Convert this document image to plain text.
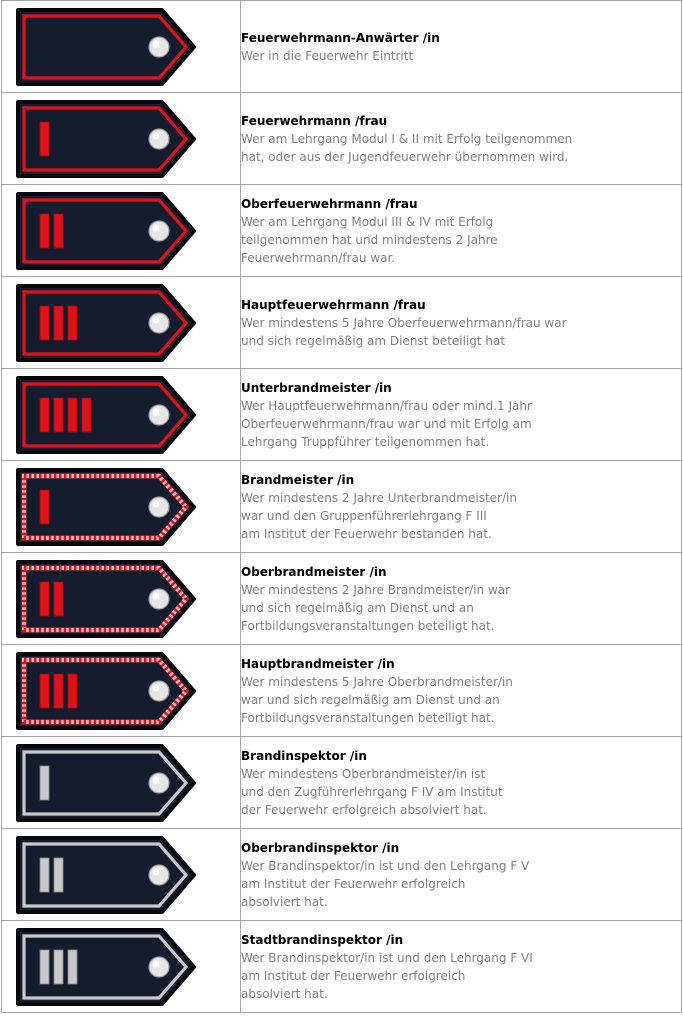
Feuerwehrmann-Anwärter /in
Wer in die Feuerwehr Eintritt

Feuerwehrmann /frau
Wer am Lehrgang Modul I & II mit Erfolg teilgenommen
hat, oder aus der Jugendfeuerwehr übernommen wird.

Oberfeuerwehrmann /frau
Wer am Lehrgang Modul III & IV mit Erfolg
teilgenommen hat und mindestens 2 Jahre
Feuerwehrmann/frau war.

Hauptfeuerwehrmann /frau
Wer mindestens 5 Jahre Oberfeuerwehrmann/frau war
und sich regelmäßig am Dienst beteiligt hat

Unterbrandmeister /in
Wer Hauptfeuerwehrmann/frau oder mind.1 Jahr
Oberfeuerwehrmann/frau war und mit Erfolg am
Lehrgang Truppführer teilgenommen hat.

Brandmeister /in
Wer mindestens 2 Jahre Unterbrandmeister/in
war und den Gruppenführerlehrgang F III
am Institut der Feuerwehr bestanden hat.

Oberbrandmeister /in
Wer mindestens 2 Jahre Brandmeister/in war
und sich regelmäßig am Dienst und an
Fortbildungsveranstaltungen beteiligt hat.

Hauptbrandmeister /in
Wer mindestens 5 Jahre Oberbrandmeister/in
war und sich regelmäßig am Dienst und an
Fortbildungsveranstaltungen beteiligt hat.

Brandinspektor /in
Wer mindestens Oberbrandmeister/in ist
und den Zugführerlehrgang F IV am Institut
der Feuerwehr erfolgreich absolviert hat.

Oberbrandinspektor /in
Wer Brandinspektor/in ist und den Lehrgang F V
am Institut der Feuerwehr erfolgreich
absolviert hat.

Stadtbrandinspektor /in
Wer Brandinspektor/in ist und den Lehrgang F VI
am Institut der Feuerwehr erfolgreich
absolviert hat.
